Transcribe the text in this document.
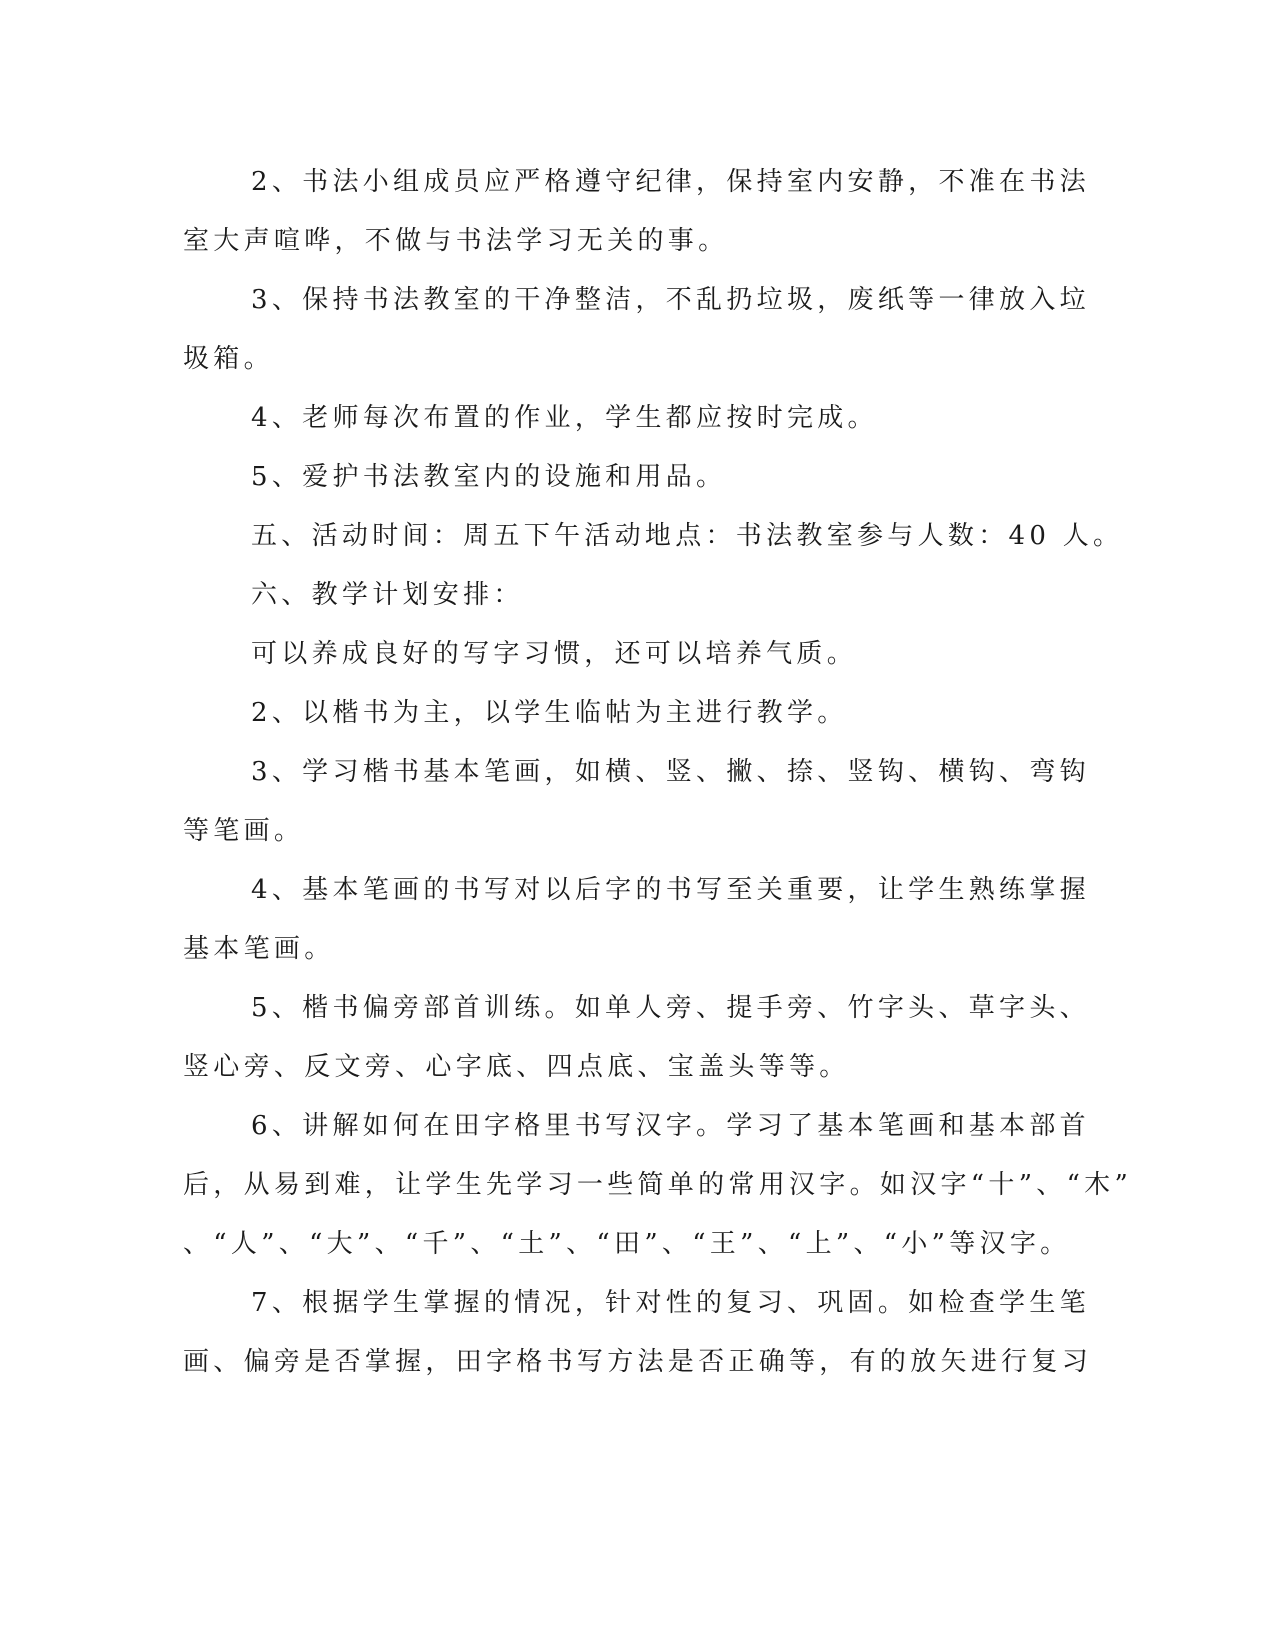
2、书法小组成员应严格遵守纪律，保持室内安静，不准在书法
室大声喧哗，不做与书法学习无关的事。
3、保持书法教室的干净整洁，不乱扔垃圾，废纸等一律放入垃
圾箱。
4、老师每次布置的作业，学生都应按时完成。
5、爱护书法教室内的设施和用品。
五、活动时间：周五下午活动地点：书法教室参与人数：40 人。
六、教学计划安排：
可以养成良好的写字习惯，还可以培养气质。
2、以楷书为主，以学生临帖为主进行教学。
3、学习楷书基本笔画，如横、竖、撇、捺、竖钩、横钩、弯钩
等笔画。
4、基本笔画的书写对以后字的书写至关重要，让学生熟练掌握
基本笔画。
5、楷书偏旁部首训练。如单人旁、提手旁、竹字头、草字头、
竖心旁、反文旁、心字底、四点底、宝盖头等等。
6、讲解如何在田字格里书写汉字。学习了基本笔画和基本部首
后，从易到难，让学生先学习一些简单的常用汉字。如汉字“十”、“木”
、“人”、“大”、“千”、“土”、“田”、“王”、“上”、“小”等汉字。
7、根据学生掌握的情况，针对性的复习、巩固。如检查学生笔
画、偏旁是否掌握，田字格书写方法是否正确等，有的放矢进行复习
